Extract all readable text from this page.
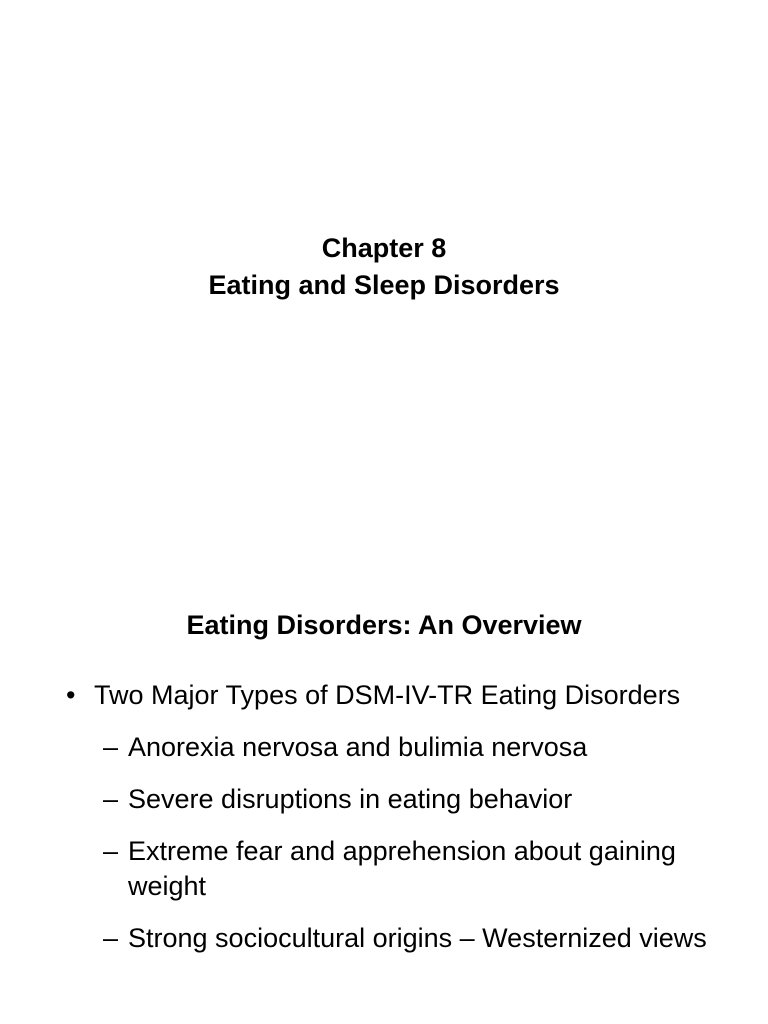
Chapter 8
Eating and Sleep Disorders
Eating Disorders: An Overview
• Two Major Types of DSM-IV-TR Eating Disorders
– Anorexia nervosa and bulimia nervosa
– Severe disruptions in eating behavior
– Extreme fear and apprehension about gaining weight
– Strong sociocultural origins – Westernized views
